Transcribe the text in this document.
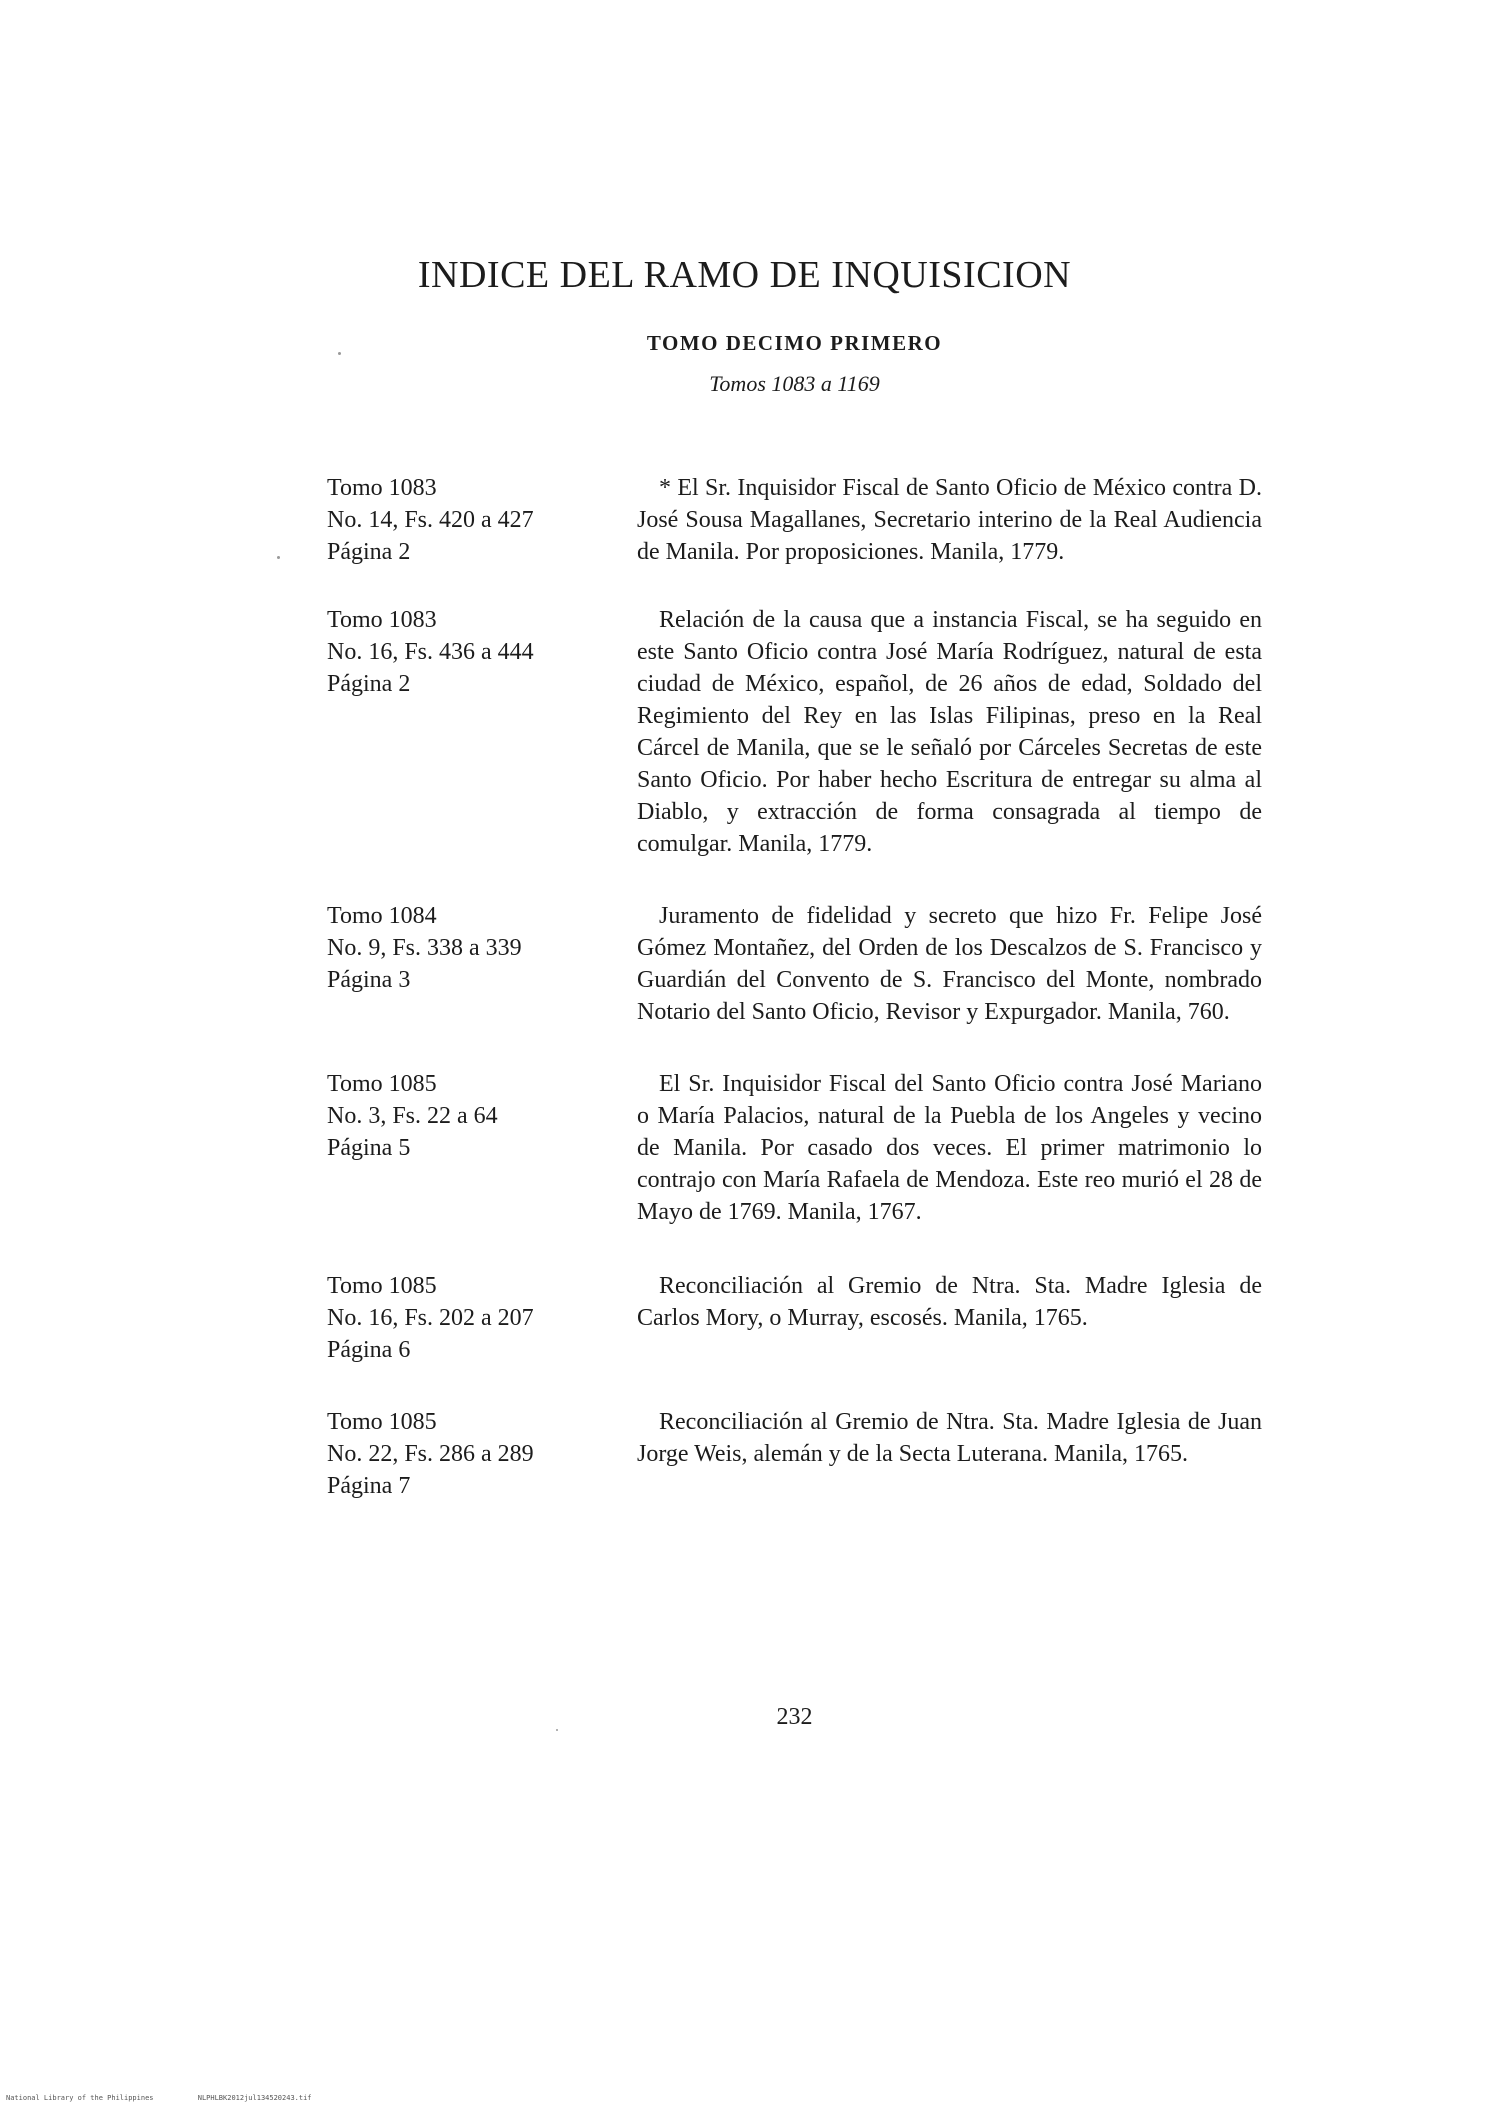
INDICE DEL RAMO DE INQUISICION
TOMO DECIMO PRIMERO

Tomos 1083 a 1169

Tomo 1083
No. 14, Fs. 420 a 427
Página 2

* El Sr. Inquisidor Fiscal de Santo Oficio de México contra D. José Sousa Magallanes, Secretario interino de la Real Audiencia de Manila. Por proposiciones. Manila, 1779.

Tomo 1083
No. 16, Fs. 436 a 444
Página 2

Relación de la causa que a instancia Fiscal, se ha seguido en este Santo Oficio contra José María Rodríguez, natural de esta ciudad de México, español, de 26 años de edad, Soldado del Regimiento del Rey en las Islas Filipinas, preso en la Real Cárcel de Manila, que se le señaló por Cárceles Secretas de este Santo Oficio. Por haber hecho Escritura de entregar su alma al Diablo, y extracción de forma consagrada al tiempo de comulgar. Manila, 1779.

Tomo 1084
No. 9, Fs. 338 a 339
Página 3

Juramento de fidelidad y secreto que hizo Fr. Felipe José Gómez Montañez, del Orden de los Descalzos de S. Francisco y Guardián del Convento de S. Francisco del Monte, nombrado Notario del Santo Oficio, Revisor y Expurgador. Manila, 760.

Tomo 1085
No. 3, Fs. 22 a 64
Página 5

El Sr. Inquisidor Fiscal del Santo Oficio contra José Mariano o María Palacios, natural de la Puebla de los Angeles y vecino de Manila. Por casado dos veces. El primer matrimonio lo contrajo con María Rafaela de Mendoza. Este reo murió el 28 de Mayo de 1769. Manila, 1767.

Tomo 1085
No. 16, Fs. 202 a 207
Página 6

Reconciliación al Gremio de Ntra. Sta. Madre Iglesia de Carlos Mory, o Murray, escosés. Manila, 1765.

Tomo 1085
No. 22, Fs. 286 a 289
Página 7

Reconciliación al Gremio de Ntra. Sta. Madre Iglesia de Juan Jorge Weis, alemán y de la Secta Luterana. Manila, 1765.

232

National Library of the Philippines	NLPHLBK2012jul134520243.tif
